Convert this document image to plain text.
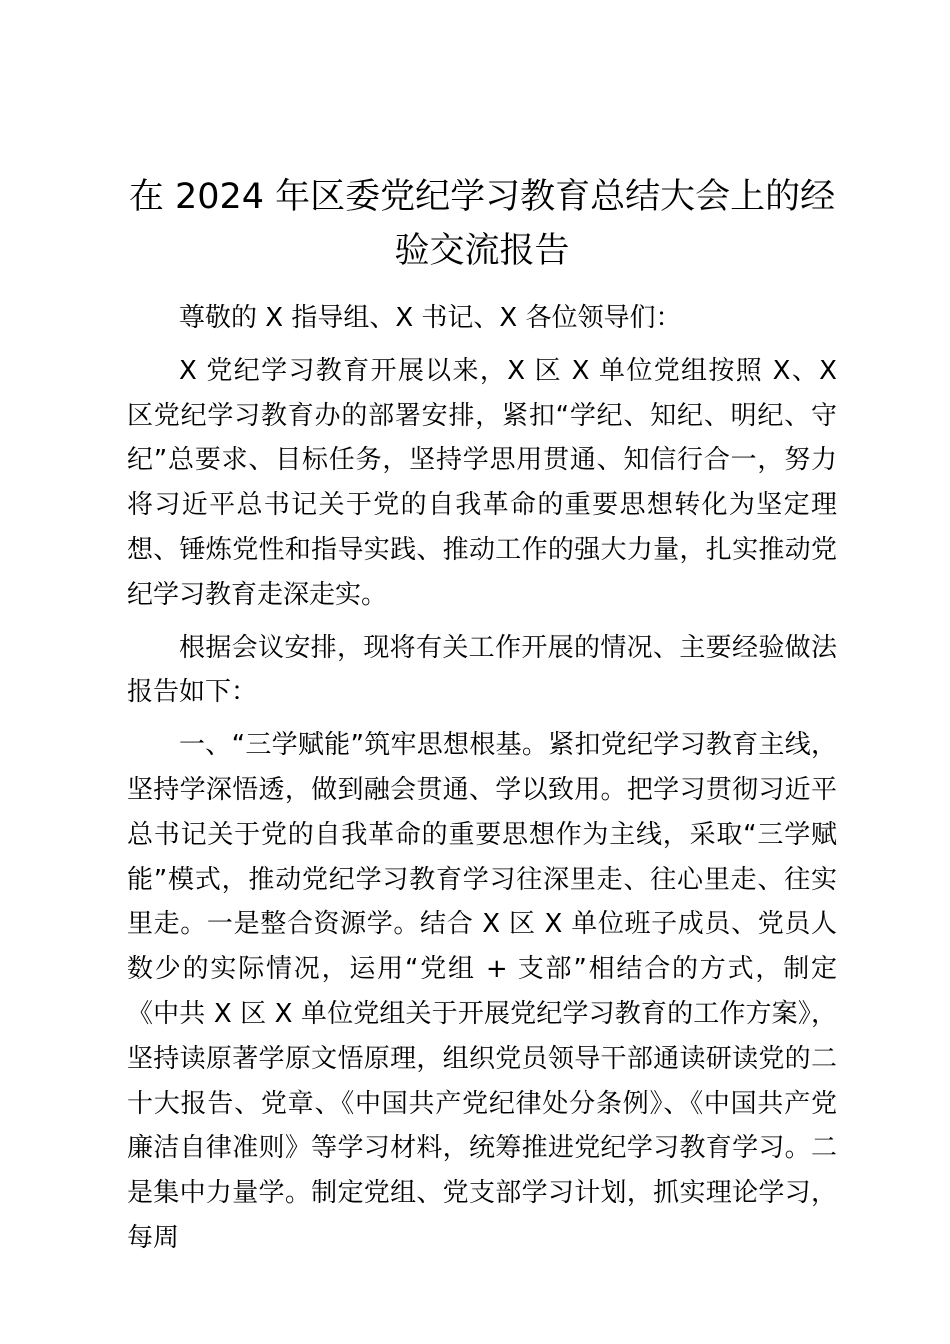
在 2024 年区委党纪学习教育总结大会上的经验交流报告

尊敬的 X 指导组、X 书记、X 各位领导们：

X 党纪学习教育开展以来，X 区 X 单位党组按照 X、X 区党纪学习教育办的部署安排，紧扣“学纪、知纪、明纪、守纪”总要求、目标任务，坚持学思用贯通、知信行合一，努力将习近平总书记关于党的自我革命的重要思想转化为坚定理想、锤炼党性和指导实践、推动工作的强大力量，扎实推动党纪学习教育走深走实。

根据会议安排，现将有关工作开展的情况、主要经验做法报告如下：

一、“三学赋能”筑牢思想根基。紧扣党纪学习教育主线，坚持学深悟透，做到融会贯通、学以致用。把学习贯彻习近平总书记关于党的自我革命的重要思想作为主线，采取“三学赋能”模式，推动党纪学习教育学习往深里走、往心里走、往实里走。一是整合资源学。结合 X 区 X 单位班子成员、党员人数少的实际情况，运用“党组 + 支部”相结合的方式，制定《中共 X 区 X 单位党组关于开展党纪学习教育的工作方案》，坚持读原著学原文悟原理，组织党员领导干部通读研读党的二十大报告、党章、《中国共产党纪律处分条例》、《中国共产党廉洁自律准则》等学习材料，统筹推进党纪学习教育学习。二是集中力量学。制定党组、党支部学习计划，抓实理论学习，每周
